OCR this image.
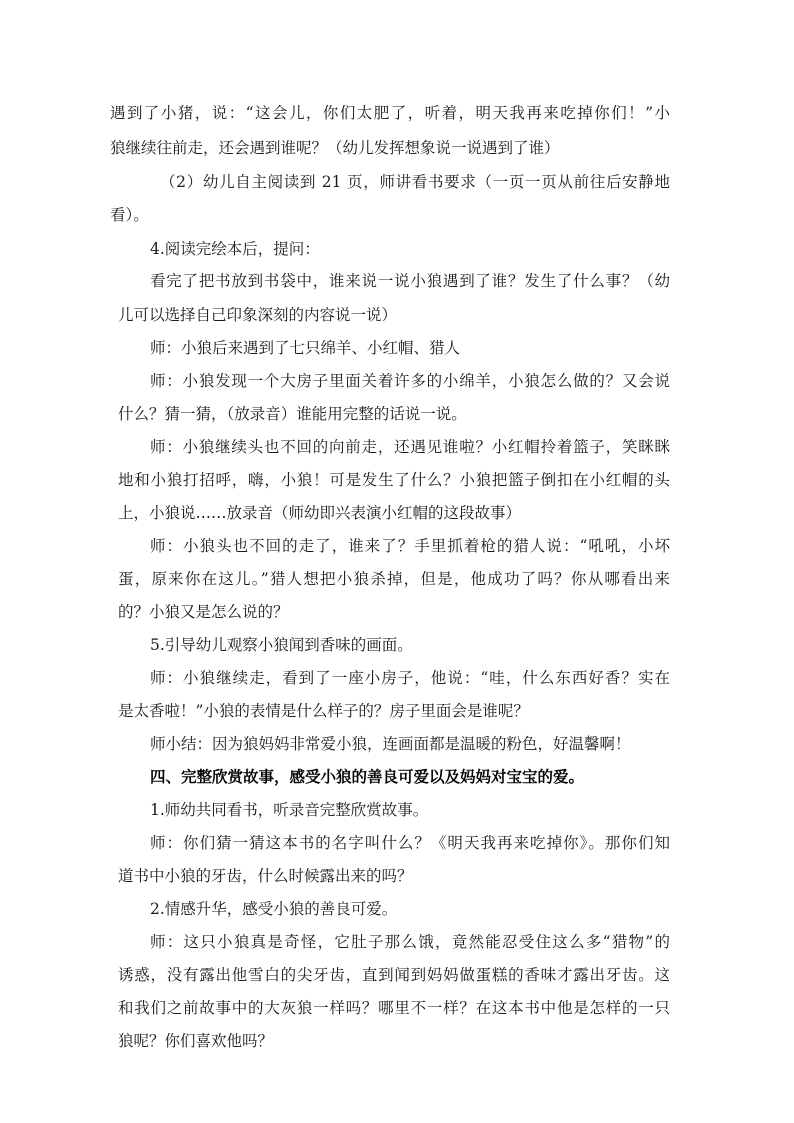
遇到了小猪，说：“这会儿，你们太肥了，听着，明天我再来吃掉你们！”小
狼继续往前走，还会遇到谁呢？（幼儿发挥想象说一说遇到了谁）
（2）幼儿自主阅读到 21 页，师讲看书要求（一页一页从前往后安静地
看）。
4.阅读完绘本后，提问：
看完了把书放到书袋中，谁来说一说小狼遇到了谁？发生了什么事？（幼
儿可以选择自己印象深刻的内容说一说）
师：小狼后来遇到了七只绵羊、小红帽、猎人
师：小狼发现一个大房子里面关着许多的小绵羊，小狼怎么做的？又会说
什么？猜一猜，（放录音）谁能用完整的话说一说。
师：小狼继续头也不回的向前走，还遇见谁啦？小红帽拎着篮子，笑眯眯
地和小狼打招呼，嗨，小狼！可是发生了什么？小狼把篮子倒扣在小红帽的头
上，小狼说……放录音（师幼即兴表演小红帽的这段故事）
师：小狼头也不回的走了，谁来了？手里抓着枪的猎人说：“吼吼，小坏
蛋，原来你在这儿。”猎人想把小狼杀掉，但是，他成功了吗？你从哪看出来
的？小狼又是怎么说的？
5.引导幼儿观察小狼闻到香味的画面。
师：小狼继续走，看到了一座小房子，他说：“哇，什么东西好香？实在
是太香啦！”小狼的表情是什么样子的？房子里面会是谁呢？
师小结：因为狼妈妈非常爱小狼，连画面都是温暖的粉色，好温馨啊！
四、完整欣赏故事，感受小狼的善良可爱以及妈妈对宝宝的爱。
1.师幼共同看书，听录音完整欣赏故事。
师：你们猜一猜这本书的名字叫什么？《明天我再来吃掉你》。那你们知
道书中小狼的牙齿，什么时候露出来的吗？
2.情感升华，感受小狼的善良可爱。
师：这只小狼真是奇怪，它肚子那么饿，竟然能忍受住这么多“猎物”的
诱惑，没有露出他雪白的尖牙齿，直到闻到妈妈做蛋糕的香味才露出牙齿。这
和我们之前故事中的大灰狼一样吗？哪里不一样？在这本书中他是怎样的一只
狼呢？你们喜欢他吗？
